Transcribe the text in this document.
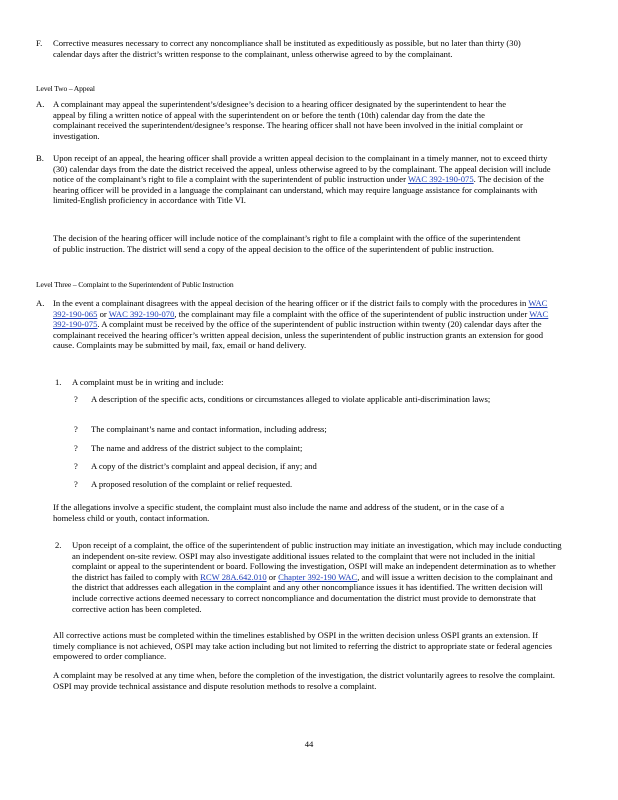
F. Corrective measures necessary to correct any noncompliance shall be instituted as expeditiously as possible, but no later than thirty (30) calendar days after the district’s written response to the complainant, unless otherwise agreed to by the complainant.

Level Two – Appeal
A. A complainant may appeal the superintendent’s/designee’s decision to a hearing officer designated by the superintendent to hear the appeal by filing a written notice of appeal with the superintendent on or before the tenth (10th) calendar day from the date the complainant received the superintendent/designee’s response. The hearing officer shall not have been involved in the initial complaint or investigation.

B. Upon receipt of an appeal, the hearing officer shall provide a written appeal decision to the complainant in a timely manner, not to exceed thirty (30) calendar days from the date the district received the appeal, unless otherwise agreed to by the complainant. The appeal decision will include notice of the complainant’s right to file a complaint with the superintendent of public instruction under WAC 392-190-075. The decision of the hearing officer will be provided in a language the complainant can understand, which may require language assistance for complainants with limited-English proficiency in accordance with Title VI.

The decision of the hearing officer will include notice of the complainant’s right to file a complaint with the office of the superintendent of public instruction. The district will send a copy of the appeal decision to the office of the superintendent of public instruction.

Level Three – Complaint to the Superintendent of Public Instruction
A. In the event a complainant disagrees with the appeal decision of the hearing officer or if the district fails to comply with the procedures in WAC 392-190-065 or WAC 392-190-070, the complainant may file a complaint with the office of the superintendent of public instruction under WAC 392-190-075. A complaint must be received by the office of the superintendent of public instruction within twenty (20) calendar days after the complainant received the hearing officer’s written appeal decision, unless the superintendent of public instruction grants an extension for good cause. Complaints may be submitted by mail, fax, email or hand delivery.

1. A complaint must be in writing and include:

? A description of the specific acts, conditions or circumstances alleged to violate applicable anti-discrimination laws;

? The complainant’s name and contact information, including address;

? The name and address of the district subject to the complaint;

? A copy of the district’s complaint and appeal decision, if any; and

? A proposed resolution of the complaint or relief requested.

If the allegations involve a specific student, the complaint must also include the name and address of the student, or in the case of a homeless child or youth, contact information.

2. Upon receipt of a complaint, the office of the superintendent of public instruction may initiate an investigation, which may include conducting an independent on-site review. OSPI may also investigate additional issues related to the complaint that were not included in the initial complaint or appeal to the superintendent or board. Following the investigation, OSPI will make an independent determination as to whether the district has failed to comply with RCW 28A.642.010 or Chapter 392-190 WAC, and will issue a written decision to the complainant and the district that addresses each allegation in the complaint and any other noncompliance issues it has identified. The written decision will include corrective actions deemed necessary to correct noncompliance and documentation the district must provide to demonstrate that corrective action has been completed.

All corrective actions must be completed within the timelines established by OSPI in the written decision unless OSPI grants an extension. If timely compliance is not achieved, OSPI may take action including but not limited to referring the district to appropriate state or federal agencies empowered to order compliance.

A complaint may be resolved at any time when, before the completion of the investigation, the district voluntarily agrees to resolve the complaint. OSPI may provide technical assistance and dispute resolution methods to resolve a complaint.

44
